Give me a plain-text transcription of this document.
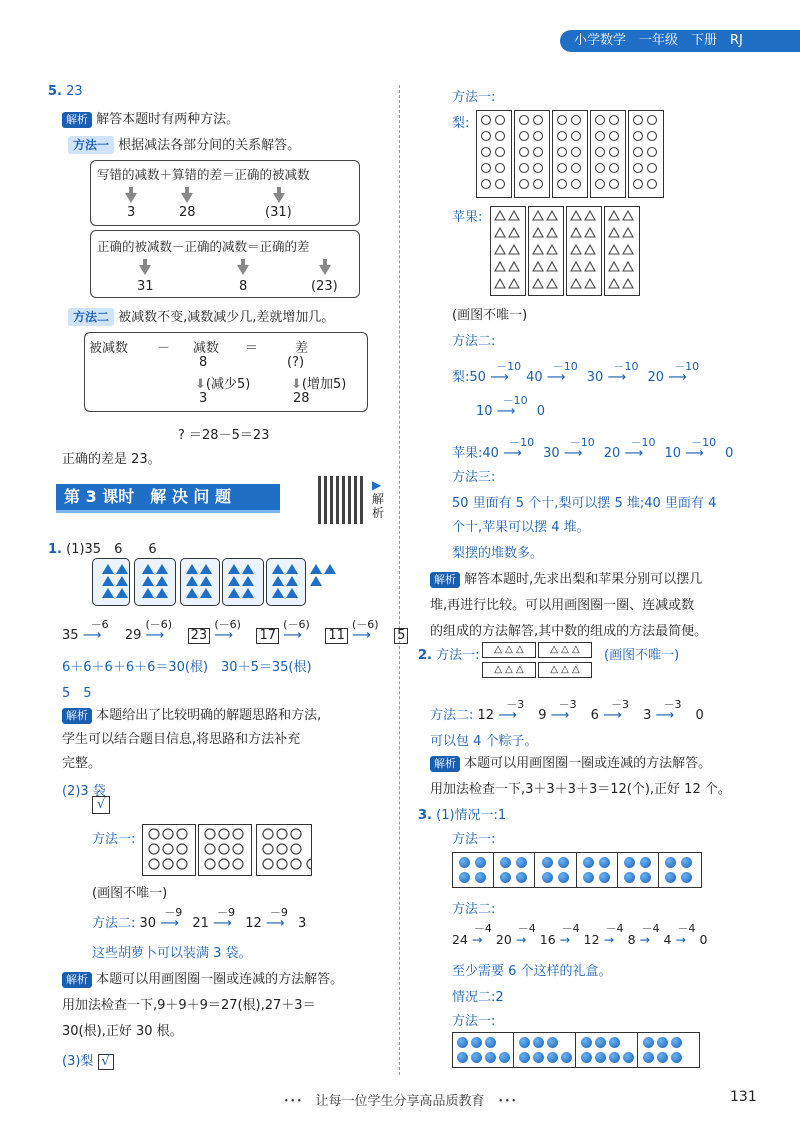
小学数学　一年级　下册　RJ
5. 23
解析 解答本题时有两种方法。
方法一 根据减法各部分间的关系解答。
写错的减数＋算错的差＝正确的被减数
3	28	(31)
正确的被减数－正确的减数＝正确的差
31	8	(23)
方法二 被减数不变,减数减少几,差就增加几。
被减数 － 减数 ＝	差
8	(?)
⬇(减少5)	⬇(增加5)
3	28
? ＝28－5＝23
正确的差是 23。
第 3 课时　解 决 问 题
▶解析
1. (1)35　6　　6
35
－6
⟶ 29
(－6)
⟶ 23
(－6)
⟶ 17
(－6)
⟶ 11
(－6)
⟶ 5
6＋6＋6＋6＋6＝30(根)　30＋5＝35(根)
5　5
解析 本题给出了比较明确的解题思路和方法,
学生可以结合题目信息,将思路和方法补充
完整。
(2)3 袋
√
方法一:
(画图不唯一)
方法二: 30
－9
⟶ 21
－9
⟶ 12
－9
⟶ 3
这些胡萝卜可以装满 3 袋。
解析 本题可以用画图圈一圈或连减的方法解答。
用加法检查一下,9＋9＋9＝27(根),27＋3＝
30(根),正好 30 根。
(3)梨 √
方法一:
梨:
苹果:
(画图不唯一)
方法二:
梨:50
－10
⟶ 40
－10
⟶ 30
－10
⟶ 20
－10
⟶
10
－10
⟶ 0
苹果:40
－10
⟶ 30
－10
⟶ 20
－10
⟶ 10
－10
⟶ 0
方法三:
50 里面有 5 个十,梨可以摆 5 堆;40 里面有 4
个十,苹果可以摆 4 堆。
梨摆的堆数多。
解析 解答本题时,先求出梨和苹果分别可以摆几
堆,再进行比较。可以用画图圈一圈、连减或数
的组成的方法解答,其中数的组成的方法最简便。
2. 方法一:	△ △ △	△ △ △
△ △ △	△ △ △
(画图不唯一)
方法二: 12
－3
⟶ 9
－3
⟶ 6
－3
⟶ 3
－3
⟶ 0
可以包 4 个粽子。
解析 本题可以用画图圈一圈或连减的方法解答。
用加法检查一下,3＋3＋3＋3＝12(个),正好 12 个。
3. (1)情况一:1
方法一:
方法二:
24
－4
→ 20
－4
→ 16
－4
→ 12
－4
→ 8
－4
→ 4
－4
→ 0
至少需要 6 个这样的礼盒。
情况二:2
方法一:
･･･　让每一位学生分享高品质教育　･･･	131
